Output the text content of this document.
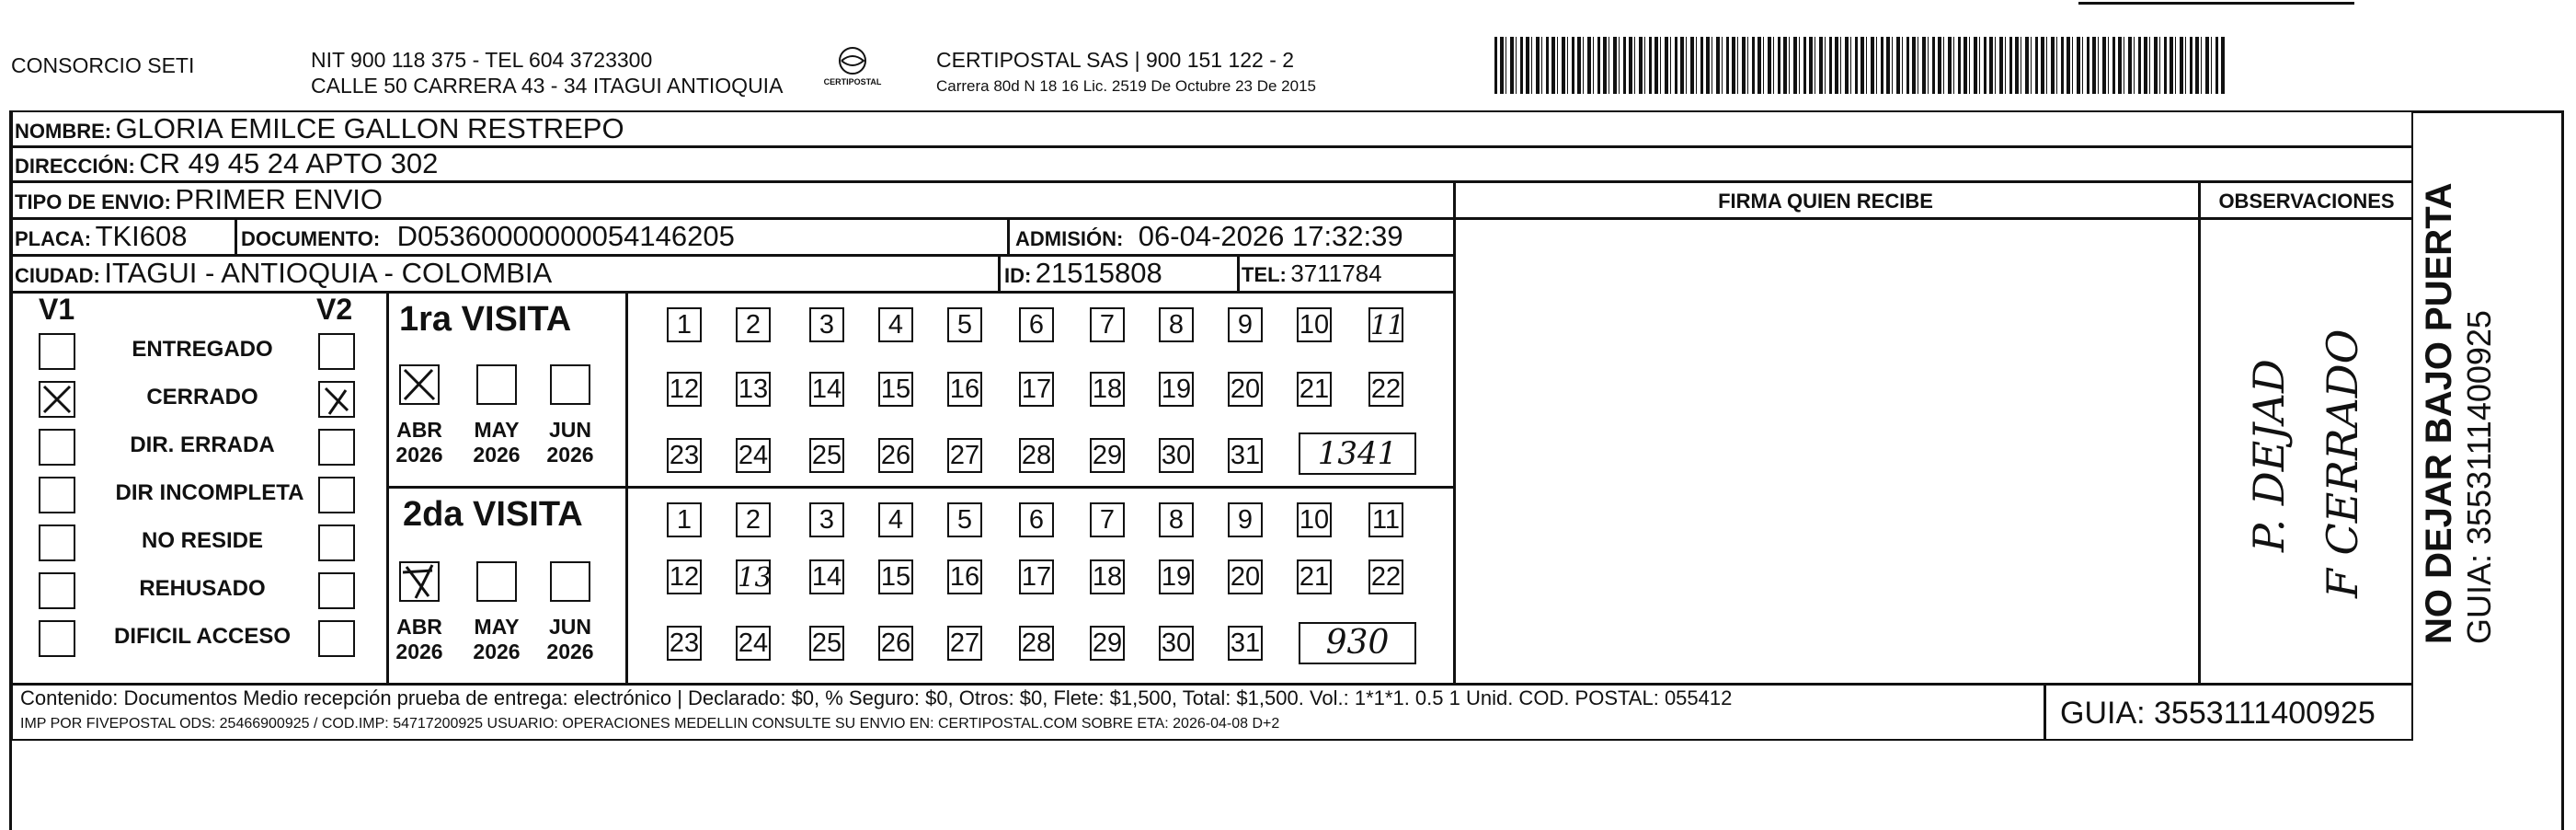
CONSORCIO SETI	NIT 900 118 375 - TEL 604 3723300
CALLE 50 CARRERA 43 - 34 ITAGUI ANTIOQUIA	CERTIPOSTAL
CERTIPOSTAL SAS | 900 151 122 - 2
Carrera 80d N 18 16 Lic. 2519 De Octubre 23 De 2015
NOMBRE: GLORIA EMILCE GALLON RESTREPO
DIRECCIÓN: CR 49 45 24 APTO 302
TIPO DE ENVIO: PRIMER ENVIO
PLACA: TKI608	DOCUMENTO: D05360000000054146205	ADMISIÓN: 06-04-2026 17:32:39
CIUDAD: ITAGUI - ANTIOQUIA - COLOMBIA	ID: 21515808	TEL: 3711784
FIRMA QUIEN RECIBE	OBSERVACIONES
V1	V2
ENTREGADO
CERRADO
DIR. ERRADA
DIR INCOMPLETA
NO RESIDE
REHUSADO
DIFICIL ACCESO
1ra VISITA
ABR
2026
MAY
2026
JUN
2026
1	2	3	4	5	6	7	8	9	10 11
12 13 14 15 16 17 18 19 20 21 22
23 24 25 26 27 28 29 30 31	1341
2da VISITA
ABR
2026
MAY
2026
JUN
2026
1	2	3	4	5	6	7	8	9	10 11
12 13 14 15 16 17 18 19 20 21 22
23 24 25 26 27 28 29 30 31	930
P. DEJAD F CERRADO
Contenido: Documentos Medio recepción prueba de entrega: electrónico | Declarado: $0, % Seguro: $0, Otros: $0, Flete: $1,500, Total: $1,500. Vol.: 1*1*1. 0.5 1 Unid. COD. POSTAL: 055412
IMP POR FIVEPOSTAL ODS: 25466900925 / COD.IMP: 54717200925 USUARIO: OPERACIONES MEDELLIN CONSULTE SU ENVIO EN: CERTIPOSTAL.COM SOBRE ETA: 2026-04-08 D+2	GUIA: 3553111400925
NO DEJAR BAJO PUERTA GUIA: 3553111400925
